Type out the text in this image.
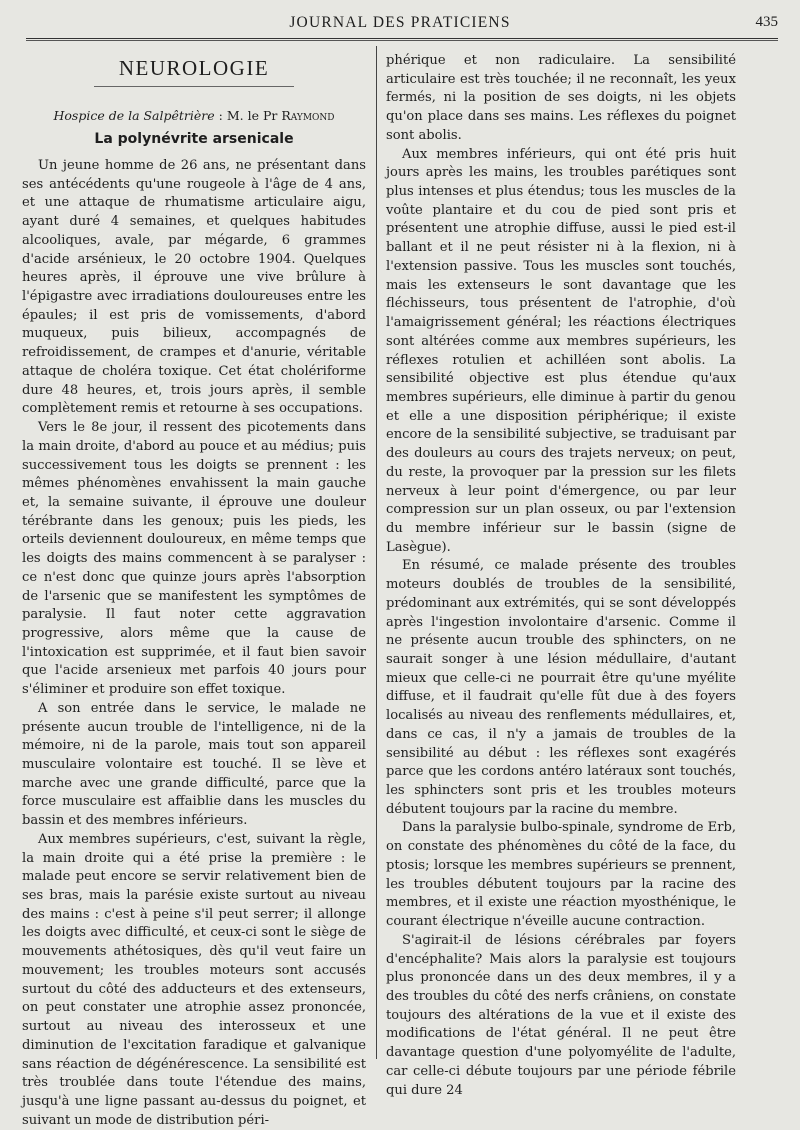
JOURNAL DES PRATICIENS	435
NEUROLOGIE
Hospice de la Salpêtrière : M. le Pr Raymond
La polynévrite arsenicale

Un jeune homme de 26 ans, ne présentant dans ses antécédents qu'une rougeole à l'âge de 4 ans, et une attaque de rhumatisme articulaire aigu, ayant duré 4 semaines, et quelques habitudes alcooliques, avale, par mégarde, 6 grammes d'acide arsénieux, le 20 octobre 1904. Quelques heures après, il éprouve une vive brûlure à l'épigastre avec irradiations douloureuses entre les épaules; il est pris de vomissements, d'abord muqueux, puis bilieux, accompagnés de refroidissement, de crampes et d'anurie, véritable attaque de choléra toxique. Cet état cholériforme dure 48 heures, et, trois jours après, il semble complètement remis et retourne à ses occupations.

Vers le 8e jour, il ressent des picotements dans la main droite, d'abord au pouce et au médius; puis successivement tous les doigts se prennent : les mêmes phénomènes envahissent la main gauche et, la semaine suivante, il éprouve une douleur térébrante dans les genoux; puis les pieds, les orteils deviennent douloureux, en même temps que les doigts des mains commencent à se paralyser : ce n'est donc que quinze jours après l'absorption de l'arsenic que se manifestent les symptômes de paralysie. Il faut noter cette aggravation progressive, alors même que la cause de l'intoxication est supprimée, et il faut bien savoir que l'acide arsenieux met parfois 40 jours pour s'éliminer et produire son effet toxique.

A son entrée dans le service, le malade ne présente aucun trouble de l'intelligence, ni de la mémoire, ni de la parole, mais tout son appareil musculaire volontaire est touché. Il se lève et marche avec une grande difficulté, parce que la force musculaire est affaiblie dans les muscles du bassin et des membres inférieurs.

Aux membres supérieurs, c'est, suivant la règle, la main droite qui a été prise la première : le malade peut encore se servir relativement bien de ses bras, mais la parésie existe surtout au niveau des mains : c'est à peine s'il peut serrer; il allonge les doigts avec difficulté, et ceux-ci sont le siège de mouvements athétosiques, dès qu'il veut faire un mouvement; les troubles moteurs sont accusés surtout du côté des adducteurs et des extenseurs, on peut constater une atrophie assez prononcée, surtout au niveau des interosseux et une diminution de l'excitation faradique et galvanique sans réaction de dégénérescence. La sensibilité est très troublée dans toute l'étendue des mains, jusqu'à une ligne passant au-dessus du poignet, et suivant un mode de distribution péri-

phérique et non radiculaire. La sensibilité articulaire est très touchée; il ne reconnaît, les yeux fermés, ni la position de ses doigts, ni les objets qu'on place dans ses mains. Les réflexes du poignet sont abolis.

Aux membres inférieurs, qui ont été pris huit jours après les mains, les troubles parétiques sont plus intenses et plus étendus; tous les muscles de la voûte plantaire et du cou de pied sont pris et présentent une atrophie diffuse, aussi le pied est-il ballant et il ne peut résister ni à la flexion, ni à l'extension passive. Tous les muscles sont touchés, mais les extenseurs le sont davantage que les fléchisseurs, tous présentent de l'atrophie, d'où l'amaigrissement général; les réactions électriques sont altérées comme aux membres supérieurs, les réflexes rotulien et achilléen sont abolis. La sensibilité objective est plus étendue qu'aux membres supérieurs, elle diminue à partir du genou et elle a une disposition périphérique; il existe encore de la sensibilité subjective, se traduisant par des douleurs au cours des trajets nerveux; on peut, du reste, la provoquer par la pression sur les filets nerveux à leur point d'émergence, ou par leur compression sur un plan osseux, ou par l'extension du membre inférieur sur le bassin (signe de Lasègue).

En résumé, ce malade présente des troubles moteurs doublés de troubles de la sensibilité, prédominant aux extrémités, qui se sont développés après l'ingestion involontaire d'arsenic. Comme il ne présente aucun trouble des sphincters, on ne saurait songer à une lésion médullaire, d'autant mieux que celle-ci ne pourrait être qu'une myélite diffuse, et il faudrait qu'elle fût due à des foyers localisés au niveau des renflements médullaires, et, dans ce cas, il n'y a jamais de troubles de la sensibilité au début : les réflexes sont exagérés parce que les cordons antéro latéraux sont touchés, les sphincters sont pris et les troubles moteurs débutent toujours par la racine du membre.

Dans la paralysie bulbo-spinale, syndrome de Erb, on constate des phénomènes du côté de la face, du ptosis; lorsque les membres supérieurs se prennent, les troubles débutent toujours par la racine des membres, et il existe une réaction myosthénique, le courant électrique n'éveille aucune contraction.

S'agirait-il de lésions cérébrales par foyers d'encéphalite? Mais alors la paralysie est toujours plus prononcée dans un des deux membres, il y a des troubles du côté des nerfs crâniens, on constate toujours des altérations de la vue et il existe des modifications de l'état général. Il ne peut être davantage question d'une polyomyélite de l'adulte, car celle-ci débute toujours par une période fébrile qui dure 24
